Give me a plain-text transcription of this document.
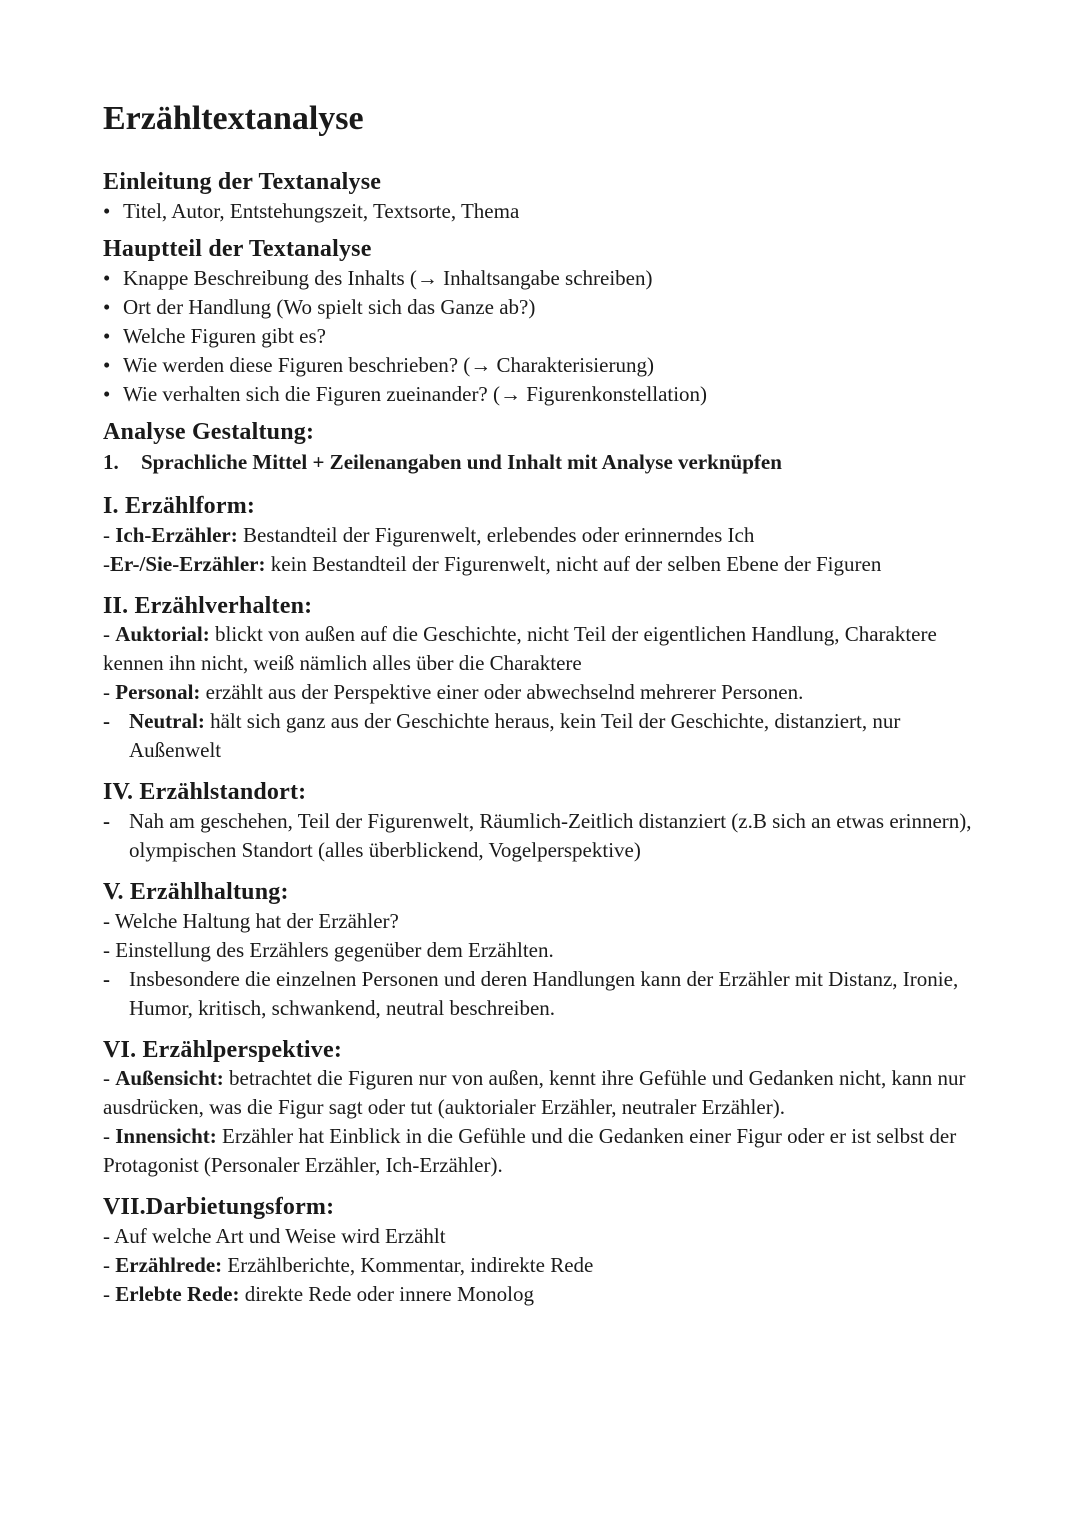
Erzähltextanalyse
Einleitung der Textanalyse
• Titel, Autor, Entstehungszeit, Textsorte, Thema
Hauptteil der Textanalyse
• Knappe Beschreibung des Inhalts (→ Inhaltsangabe schreiben)
• Ort der Handlung (Wo spielt sich das Ganze ab?)
• Welche Figuren gibt es?
• Wie werden diese Figuren beschrieben? (→ Charakterisierung)
• Wie verhalten sich die Figuren zueinander? (→ Figurenkonstellation)
Analyse Gestaltung:
1. Sprachliche Mittel + Zeilenangaben und Inhalt mit Analyse verknüpfen
I. Erzählform:
- Ich-Erzähler: Bestandteil der Figurenwelt, erlebendes oder erinnerndes Ich
-Er-/Sie-Erzähler: kein Bestandteil der Figurenwelt, nicht auf der selben Ebene der Figuren
II. Erzählverhalten:
- Auktorial: blickt von außen auf die Geschichte, nicht Teil der eigentlichen Handlung, Charaktere kennen ihn nicht, weiß nämlich alles über die Charaktere
- Personal: erzählt aus der Perspektive einer oder abwechselnd mehrerer Personen.
- Neutral: hält sich ganz aus der Geschichte heraus, kein Teil der Geschichte, distanziert, nur Außenwelt
IV. Erzählstandort:
- Nah am geschehen, Teil der Figurenwelt, Räumlich-Zeitlich distanziert (z.B sich an etwas erinnern), olympischen Standort (alles überblickend, Vogelperspektive)
V. Erzählhaltung:
- Welche Haltung hat der Erzähler?
- Einstellung des Erzählers gegenüber dem Erzählten.
- Insbesondere die einzelnen Personen und deren Handlungen kann der Erzähler mit Distanz, Ironie, Humor, kritisch, schwankend, neutral beschreiben.
VI. Erzählperspektive:
- Außensicht: betrachtet die Figuren nur von außen, kennt ihre Gefühle und Gedanken nicht, kann nur ausdrücken, was die Figur sagt oder tut (auktorialer Erzähler, neutraler Erzähler).
- Innensicht: Erzähler hat Einblick in die Gefühle und die Gedanken einer Figur oder er ist selbst der Protagonist (Personaler Erzähler, Ich-Erzähler).
VII.Darbietungsform:
- Auf welche Art und Weise wird Erzählt
- Erzählrede: Erzählberichte, Kommentar, indirekte Rede
- Erlebte Rede: direkte Rede oder innere Monolog
